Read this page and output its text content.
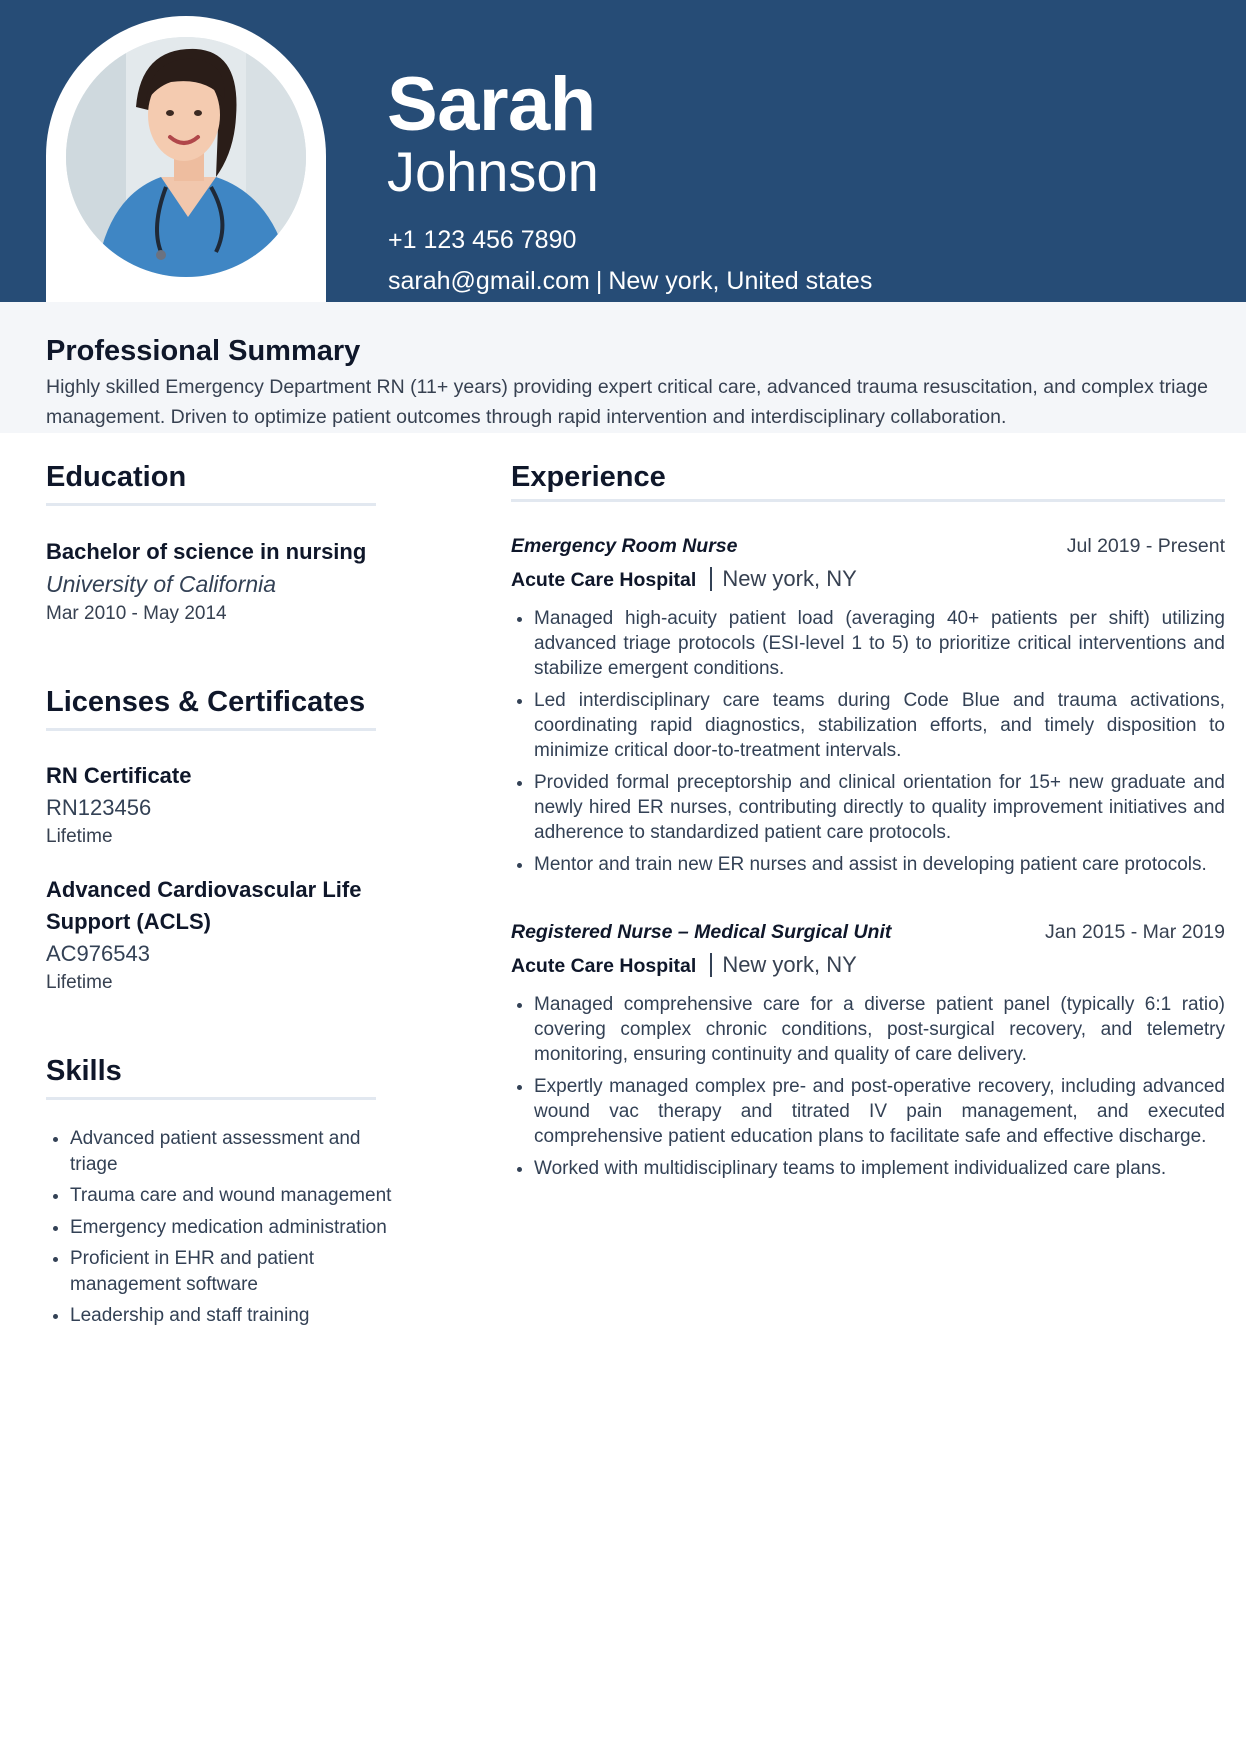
Sarah
Johnson
+1 123 456 7890
sarah@gmail.com | New york, United states
Professional Summary
Highly skilled Emergency Department RN (11+ years) providing expert critical care, advanced trauma resuscitation, and complex triage management. Driven to optimize patient outcomes through rapid intervention and interdisciplinary collaboration.
Education
Bachelor of science in nursing
University of California
Mar 2010 - May 2014
Licenses & Certificates
RN Certificate
RN123456
Lifetime
Advanced Cardiovascular Life Support (ACLS)
AC976543
Lifetime
Skills
• Advanced patient assessment and triage
• Trauma care and wound management
• Emergency medication administration
• Proficient in EHR and patient management software
• Leadership and staff training
Experience
Emergency Room Nurse	Jul 2019 - Present
Acute Care Hospital New york, NY
• Managed high-acuity patient load (averaging 40+ patients per shift) utilizing advanced triage protocols (ESI-level 1 to 5) to prioritize critical interventions and stabilize emergent conditions.
• Led interdisciplinary care teams during Code Blue and trauma activations, coordinating rapid diagnostics, stabilization efforts, and timely disposition to minimize critical door-to-treatment intervals.
• Provided formal preceptorship and clinical orientation for 15+ new graduate and newly hired ER nurses, contributing directly to quality improvement initiatives and adherence to standardized patient care protocols.
• Mentor and train new ER nurses and assist in developing patient care protocols.
Registered Nurse – Medical Surgical Unit	Jan 2015 - Mar 2019
Acute Care Hospital New york, NY
• Managed comprehensive care for a diverse patient panel (typically 6:1 ratio) covering complex chronic conditions, post-surgical recovery, and telemetry monitoring, ensuring continuity and quality of care delivery.
• Expertly managed complex pre- and post-operative recovery, including advanced wound vac therapy and titrated IV pain management, and executed comprehensive patient education plans to facilitate safe and effective discharge.
• Worked with multidisciplinary teams to implement individualized care plans.
